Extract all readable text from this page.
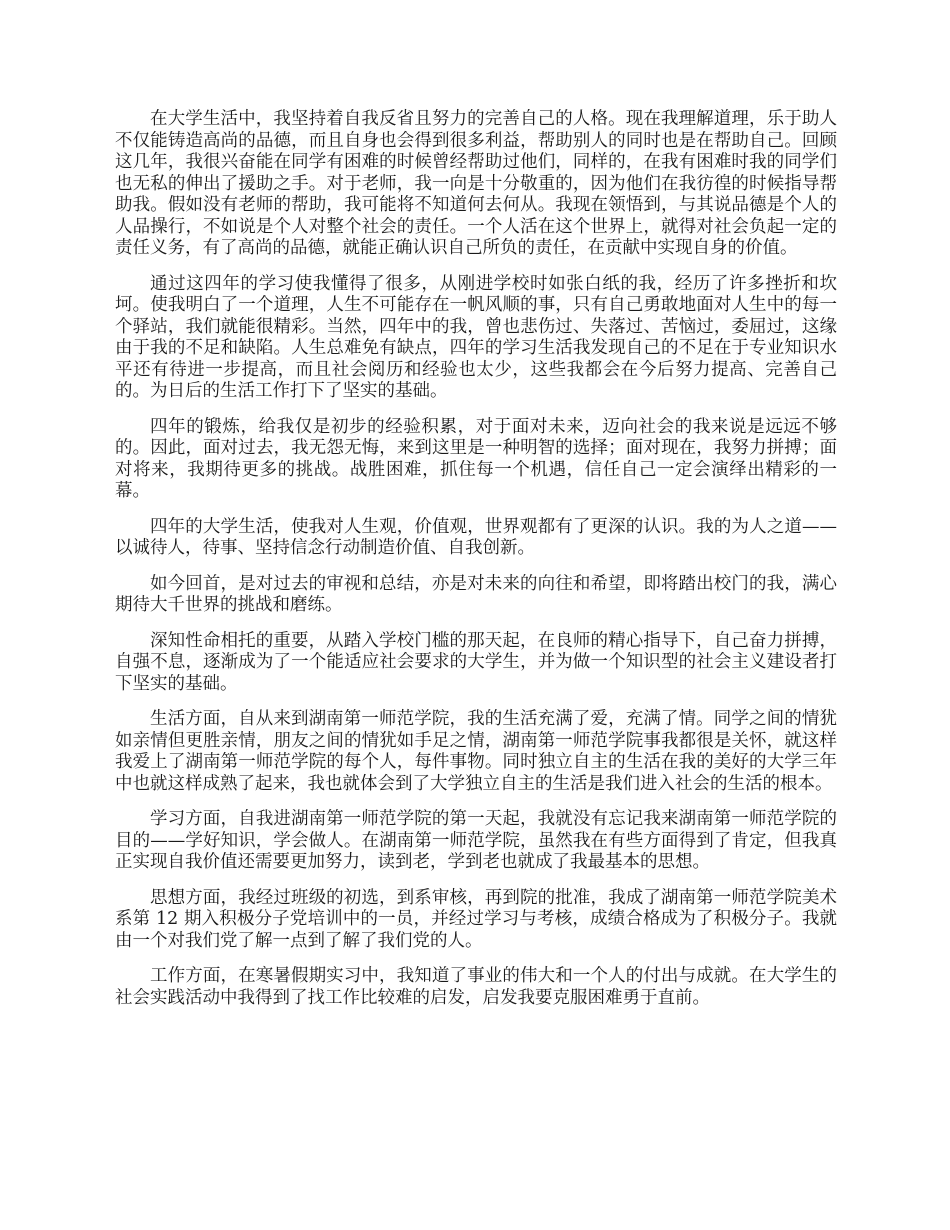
在大学生活中，我坚持着自我反省且努力的完善自己的人格。现在我理解道理，乐于助人不仅能铸造高尚的品德，而且自身也会得到很多利益，帮助别人的同时也是在帮助自己。回顾这几年，我很兴奋能在同学有困难的时候曾经帮助过他们，同样的，在我有困难时我的同学们也无私的伸出了援助之手。对于老师，我一向是十分敬重的，因为他们在我彷徨的时候指导帮助我。假如没有老师的帮助，我可能将不知道何去何从。我现在领悟到，与其说品德是个人的人品操行，不如说是个人对整个社会的责任。一个人活在这个世界上，就得对社会负起一定的责任义务，有了高尚的品德，就能正确认识自己所负的责任，在贡献中实现自身的价值。

通过这四年的学习使我懂得了很多，从刚进学校时如张白纸的我，经历了许多挫折和坎坷。使我明白了一个道理，人生不可能存在一帆风顺的事，只有自己勇敢地面对人生中的每一个驿站，我们就能很精彩。当然，四年中的我，曾也悲伤过、失落过、苦恼过，委屈过，这缘由于我的不足和缺陷。人生总难免有缺点，四年的学习生活我发现自己的不足在于专业知识水平还有待进一步提高，而且社会阅历和经验也太少，这些我都会在今后努力提高、完善自己的。为日后的生活工作打下了坚实的基础。

四年的锻炼，给我仅是初步的经验积累，对于面对未来，迈向社会的我来说是远远不够的。因此，面对过去，我无怨无悔，来到这里是一种明智的选择；面对现在，我努力拼搏；面对将来，我期待更多的挑战。战胜困难，抓住每一个机遇，信任自己一定会演绎出精彩的一幕。

四年的大学生活，使我对人生观，价值观，世界观都有了更深的认识。我的为人之道——以诚待人，待事、坚持信念行动制造价值、自我创新。

如今回首，是对过去的审视和总结，亦是对未来的向往和希望，即将踏出校门的我，满心期待大千世界的挑战和磨练。

深知性命相托的重要，从踏入学校门槛的那天起，在良师的精心指导下，自己奋力拼搏，自强不息，逐渐成为了一个能适应社会要求的大学生，并为做一个知识型的社会主义建设者打下坚实的基础。

生活方面，自从来到湖南第一师范学院，我的生活充满了爱，充满了情。同学之间的情犹如亲情但更胜亲情，朋友之间的情犹如手足之情，湖南第一师范学院事我都很是关怀，就这样我爱上了湖南第一师范学院的每个人，每件事物。同时独立自主的生活在我的美好的大学三年中也就这样成熟了起来，我也就体会到了大学独立自主的生活是我们进入社会的生活的根本。

学习方面，自我进湖南第一师范学院的第一天起，我就没有忘记我来湖南第一师范学院的目的——学好知识，学会做人。在湖南第一师范学院，虽然我在有些方面得到了肯定，但我真正实现自我价值还需要更加努力，读到老，学到老也就成了我最基本的思想。

思想方面，我经过班级的初选，到系审核，再到院的批准，我成了湖南第一师范学院美术系第 12 期入积极分子党培训中的一员，并经过学习与考核，成绩合格成为了积极分子。我就由一个对我们党了解一点到了解了我们党的人。

工作方面，在寒暑假期实习中，我知道了事业的伟大和一个人的付出与成就。在大学生的社会实践活动中我得到了找工作比较难的启发，启发我要克服困难勇于直前。
